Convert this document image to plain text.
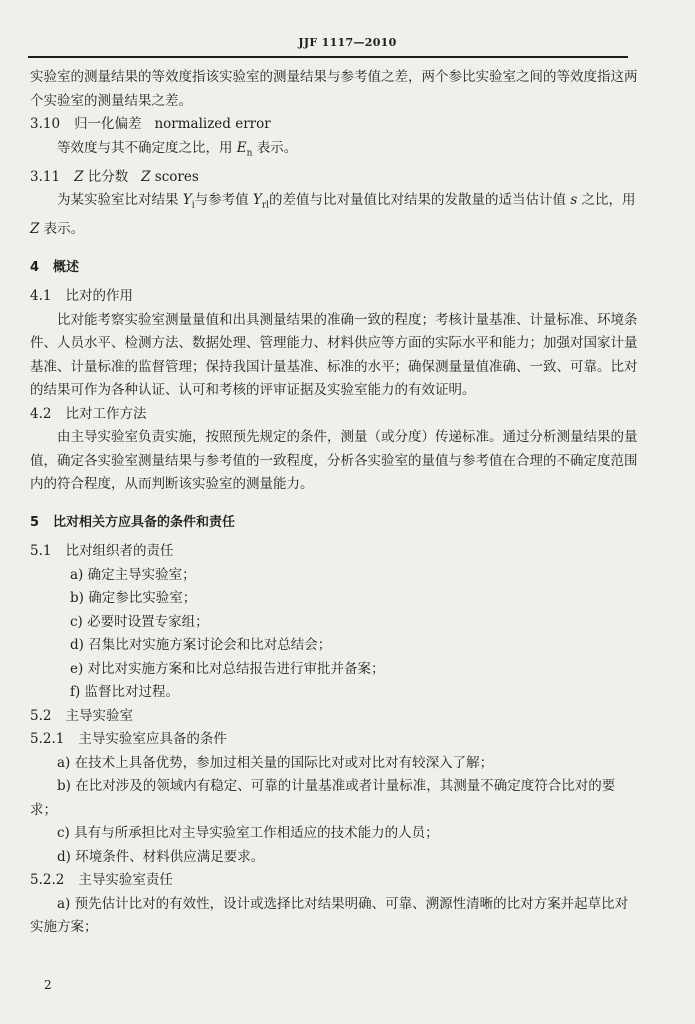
JJF 1117—2010

实验室的测量结果的等效度指该实验室的测量结果与参考值之差，两个参比实验室之间的等效度指这两个实验室的测量结果之差。

3.10 归一化偏差 normalized error

等效度与其不确定度之比，用 $E_n$ 表示。

3.11 Z 比分数 Z scores

为某实验室比对结果 $Y_i$与参考值 $Y_{rl}$的差值与比对量值比对结果的发散量的适当估计值 s 之比，用 Z 表示。

4 概述

4.1 比对的作用

比对能考察实验室测量量值和出具测量结果的准确一致的程度；考核计量基准、计量标准、环境条件、人员水平、检测方法、数据处理、管理能力、材料供应等方面的实际水平和能力；加强对国家计量基准、计量标准的监督管理；保持我国计量基准、标准的水平；确保测量量值准确、一致、可靠。比对的结果可作为各种认证、认可和考核的评审证据及实验室能力的有效证明。

4.2 比对工作方法

由主导实验室负责实施，按照预先规定的条件，测量（或分度）传递标准。通过分析测量结果的量值，确定各实验室测量结果与参考值的一致程度，分析各实验室的量值与参考值在合理的不确定度范围内的符合程度，从而判断该实验室的测量能力。

5 比对相关方应具备的条件和责任

5.1 比对组织者的责任

a) 确定主导实验室；

b) 确定参比实验室；

c) 必要时设置专家组；

d) 召集比对实施方案讨论会和比对总结会；

e) 对比对实施方案和比对总结报告进行审批并备案；

f) 监督比对过程。

5.2 主导实验室

5.2.1 主导实验室应具备的条件

a) 在技术上具备优势，参加过相关量的国际比对或对比对有较深入了解；

b) 在比对涉及的领域内有稳定、可靠的计量基准或者计量标准，其测量不确定度符合比对的要求；

c) 具有与所承担比对主导实验室工作相适应的技术能力的人员；

d) 环境条件、材料供应满足要求。

5.2.2 主导实验室责任

a) 预先估计比对的有效性，设计或选择比对结果明确、可靠、溯源性清晰的比对方案并起草比对实施方案；

2
